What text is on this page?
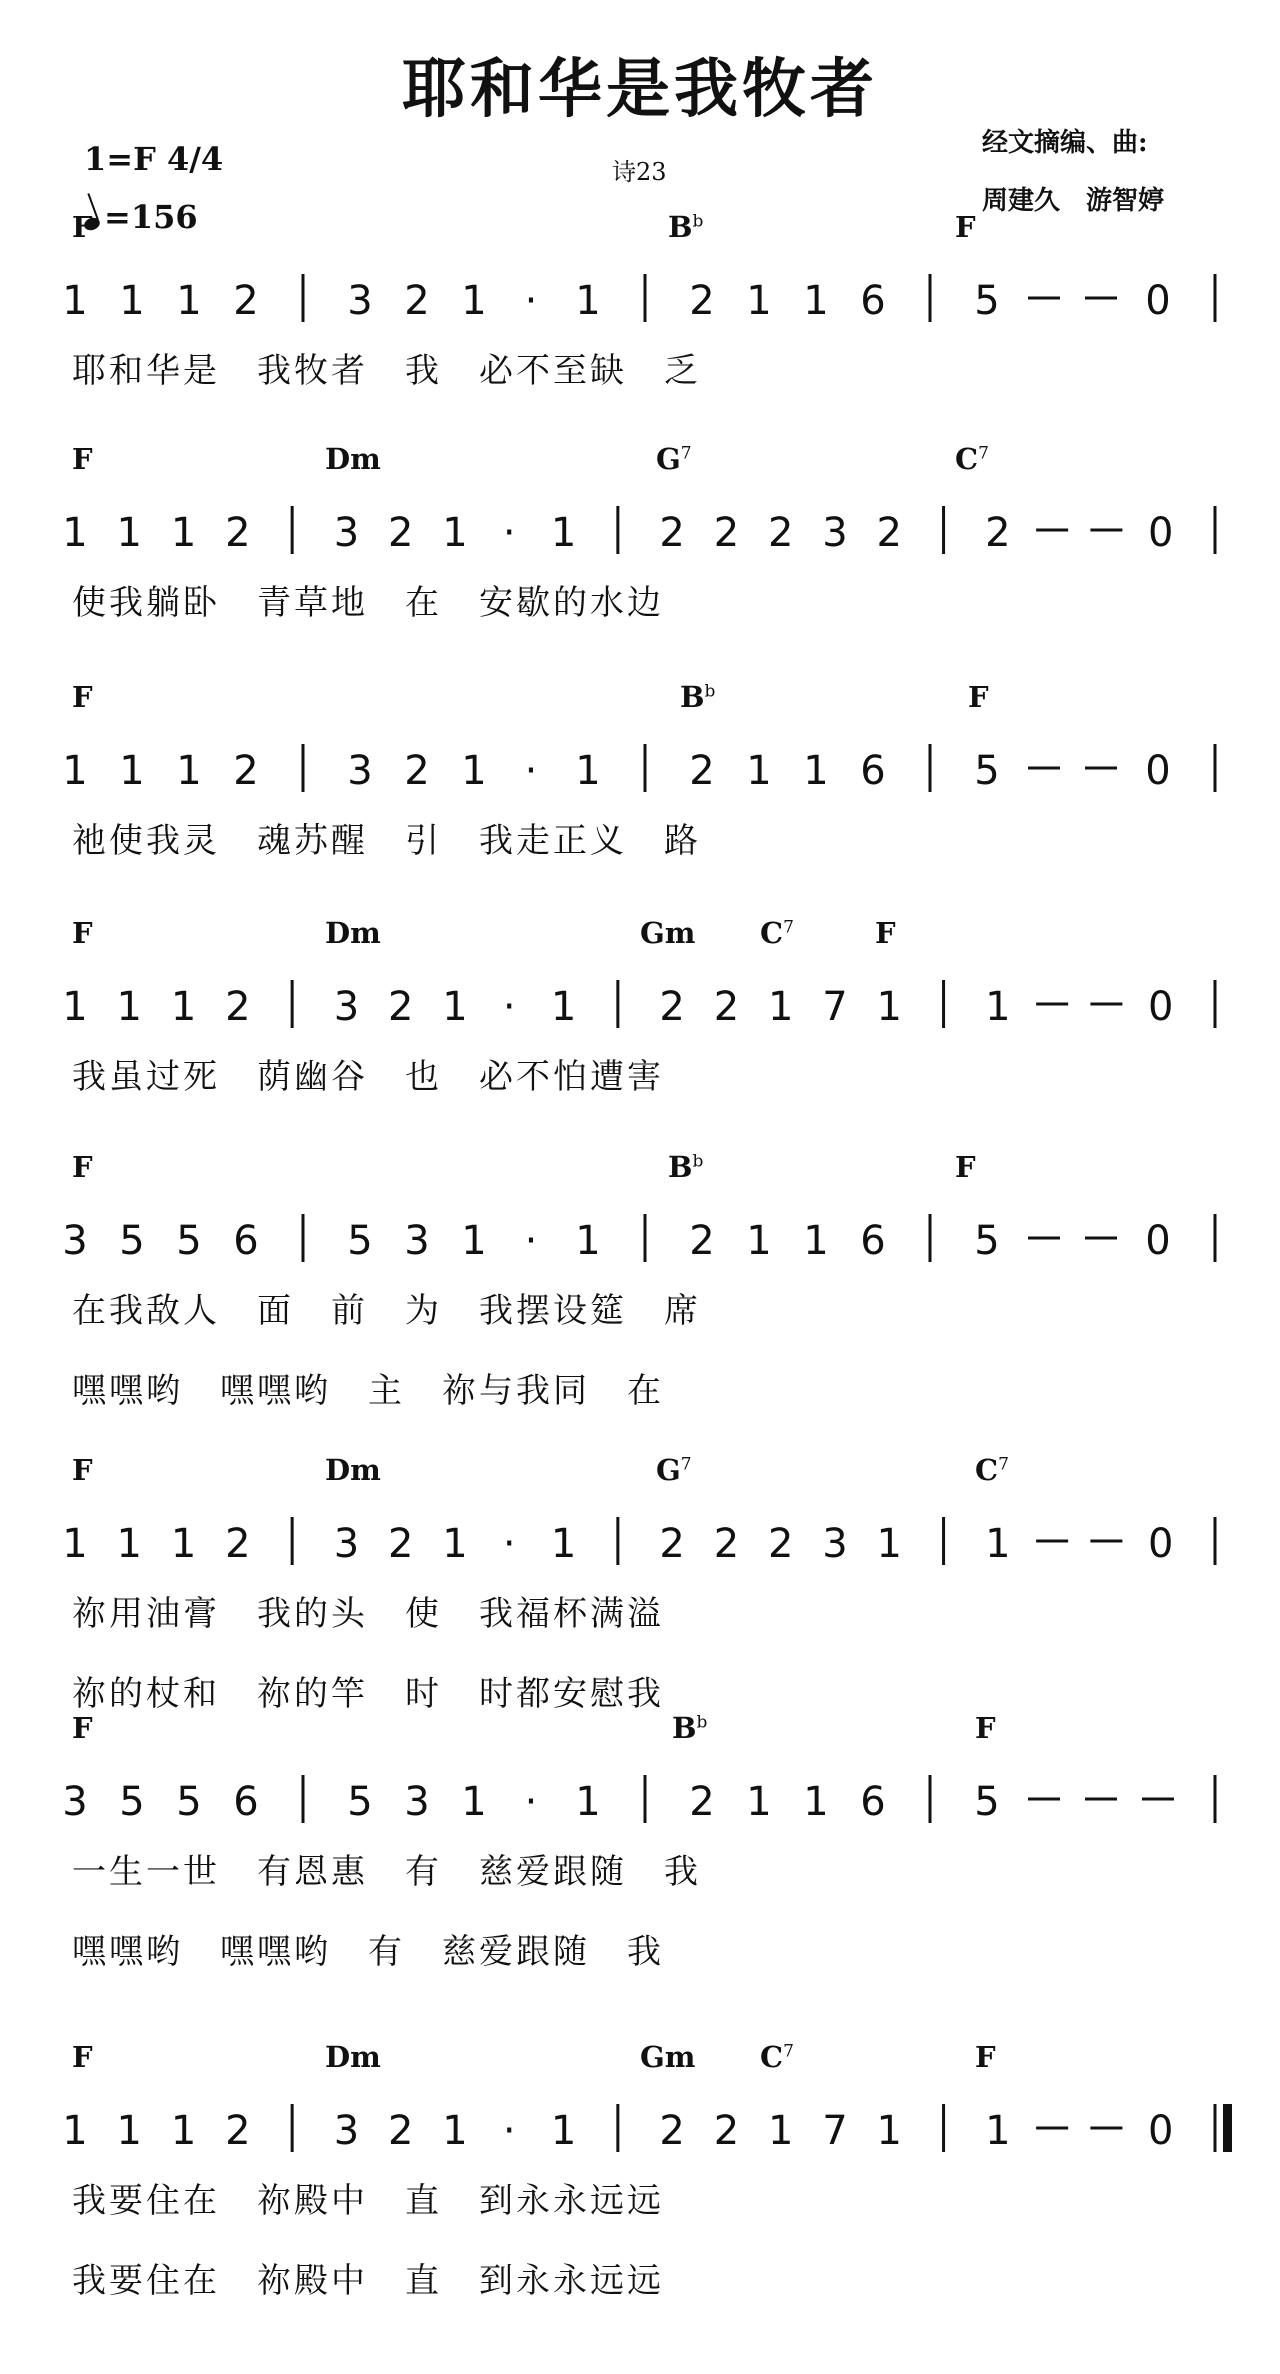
耶和华是我牧者
1=F 4/4
=156
诗23
经文摘编、曲:
周建久　游智婷
F	$B^b$	F
耶和华是　我牧者　我　必不至缺　乏
F	Dm	$G^7$	$C^7$
使我躺卧　青草地　在　安歇的水边
F	$B^b$	F
祂使我灵　魂苏醒　引　我走正义　路
F	Dm	Gm $C^7$	F
我虽过死　荫幽谷　也　必不怕遭害
F	$B^b$	F
在我敌人　面　前　为　我摆设筵　席
嘿嘿哟　嘿嘿哟　主　祢与我同　在
F	Dm	$G^7$	$C^7$
祢用油膏　我的头　使　我福杯满溢
祢的杖和　祢的竿　时　时都安慰我
F	$B^b$	F
一生一世　有恩惠　有　慈爱跟随　我
嘿嘿哟　嘿嘿哟　有　慈爱跟随　我
F	Dm	Gm $C^7$	F
我要住在　祢殿中　直　到永永远远
我要住在　祢殿中　直　到永永远远
1 1 1 2 3 2 1 · 1 2 1 1 6 5	0
1 1 1 2 3 2 1 · 1 2 2 2 3 2 2	0
1 1 1 2 3 2 1 · 1 2 1 1 6 5	0
1 1 1 2 3 2 1 · 1 2 2 1 7 1 1	0
3 5 5 6 5 3 1 · 1 2 1 1 6 5	0
1 1 1 2 3 2 1 · 1 2 2 2 3 1 1	0
3 5 5 6 5 3 1 · 1 2 1 1 6 5
1 1 1 2 3 2 1 · 1 2 2 1 7 1 1	0
